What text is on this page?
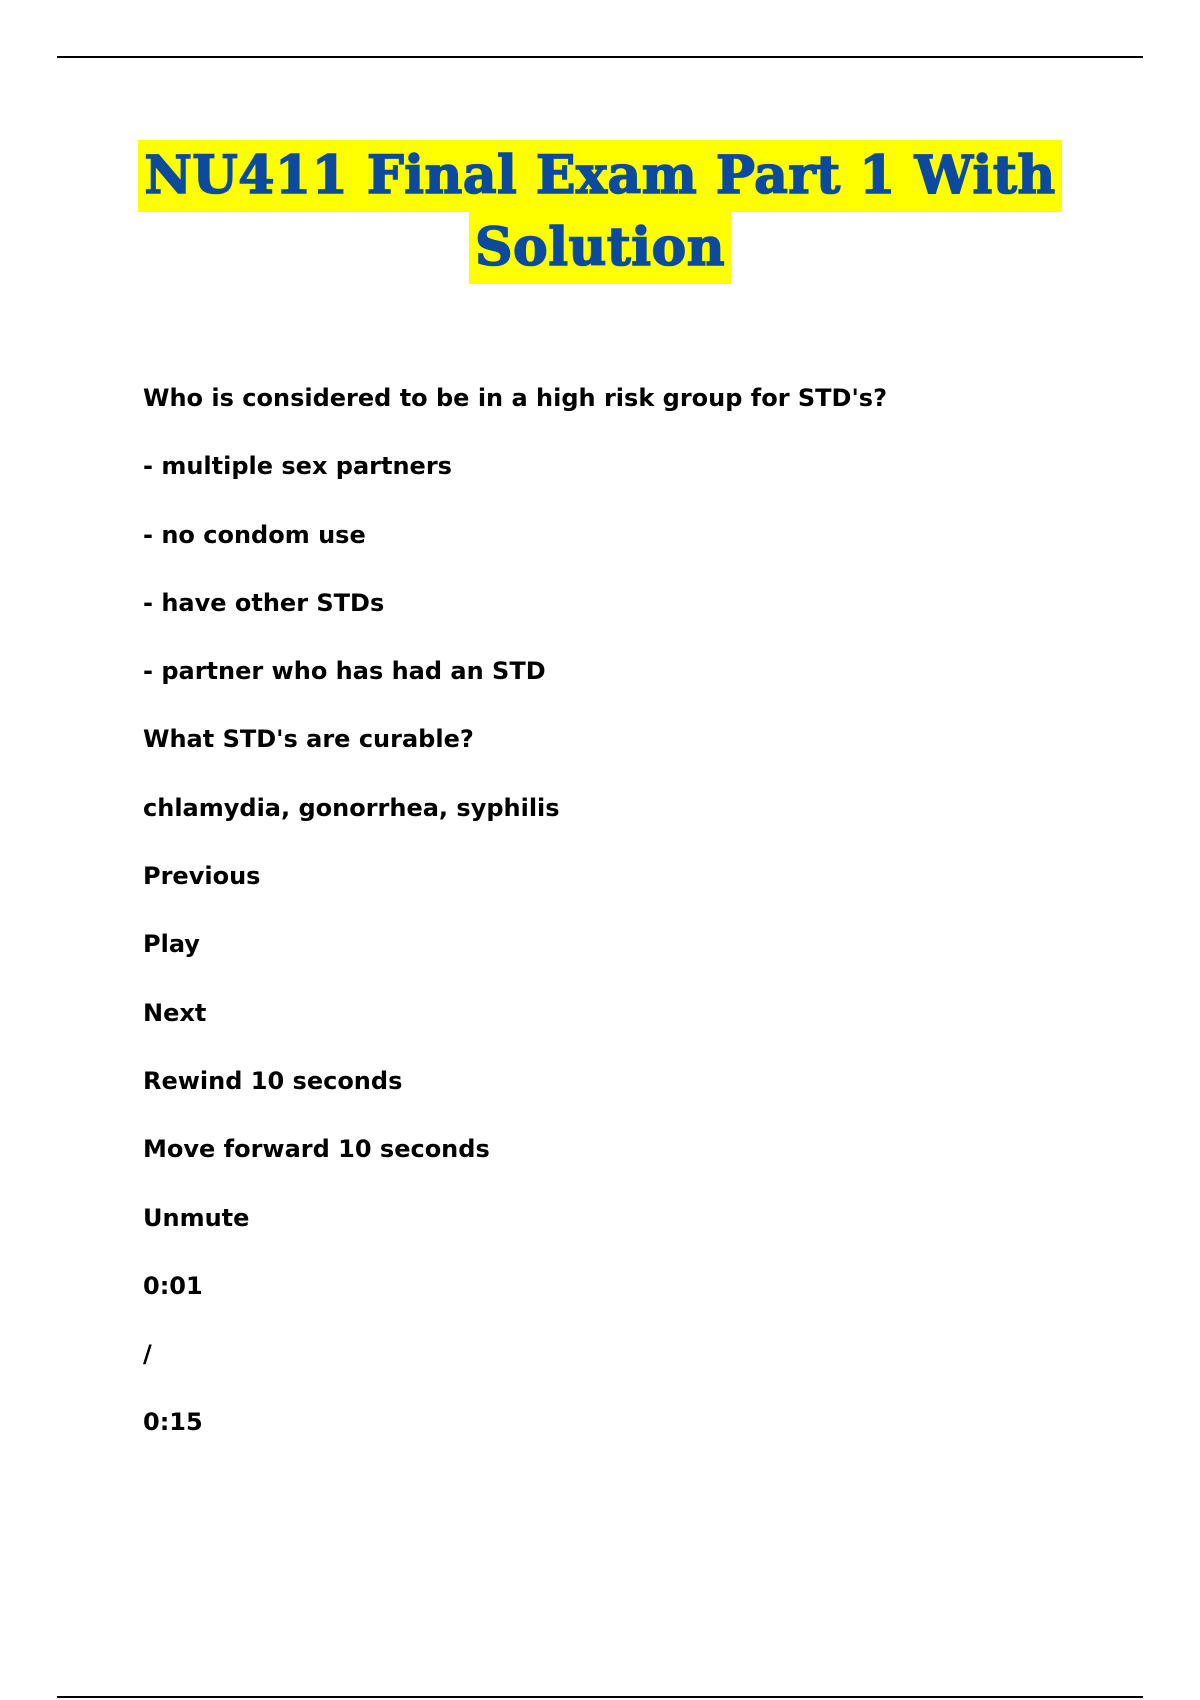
NU411 Final Exam Part 1 With
Solution
Who is considered to be in a high risk group for STD's?
- multiple sex partners
- no condom use
- have other STDs
- partner who has had an STD
What STD's are curable?
chlamydia, gonorrhea, syphilis
Previous
Play
Next
Rewind 10 seconds
Move forward 10 seconds
Unmute
0:01
/
0:15
